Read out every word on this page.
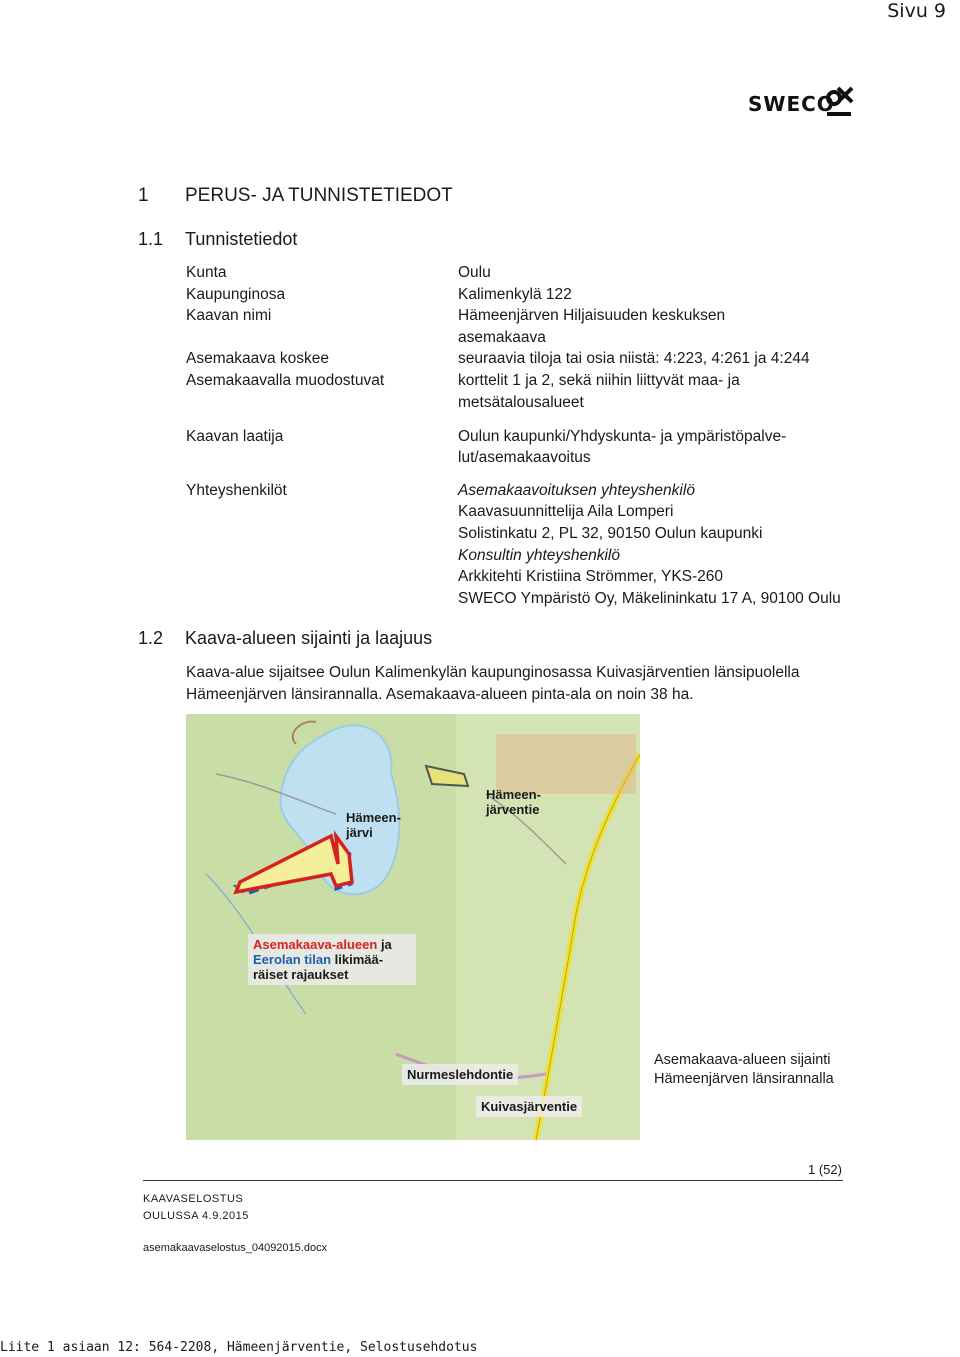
Sivu 9
SWECO
1 PERUS- JA TUNNISTETIEDOT
1.1 Tunnistetiedot
Kunta	Oulu
Kaupunginosa	Kalimenkylä 122
Kaavan nimi	Hämeenjärven Hiljaisuuden keskuksen
asemakaava
Asemakaava koskee	seuraavia tiloja tai osia niistä: 4:223, 4:261 ja 4:244
Asemakaavalla muodostuvat	korttelit 1 ja 2, sekä niihin liittyvät maa- ja
metsätalousalueet
Kaavan laatija	Oulun kaupunki/Yhdyskunta- ja ympäristöpalve-
lut/asemakaavoitus
Yhteyshenkilöt	Asemakaavoituksen yhteyshenkilö
Kaavasuunnittelija Aila Lomperi
Solistinkatu 2, PL 32, 90150 Oulun kaupunki
Konsultin yhteyshenkilö
Arkkitehti Kristiina Strömmer, YKS-260
SWECO Ympäristö Oy, Mäkelininkatu 17 A, 90100 Oulu
1.2 Kaava-alueen sijainti ja laajuus
Kaava-alue sijaitsee Oulun Kalimenkylän kaupunginosassa Kuivasjärventien länsipuolella Hämeenjärven länsirannalla. Asemakaava-alueen pinta-ala on noin 38 ha.
Hämeen-
järvi
Hämeen-
järventie
Asemakaava-alueen ja
Eerolan tilan likimää-
räiset rajaukset
Nurmeslehdontie
Kuivasjärventie
Asemakaava-alueen sijainti Hämeenjärven länsirannalla
1 (52)
KAAVASELOSTUS
OULUSSA 4.9.2015
asemakaavaselostus_04092015.docx
Liite 1 asiaan 12: 564-2208, Hämeenjärventie, Selostusehdotus
